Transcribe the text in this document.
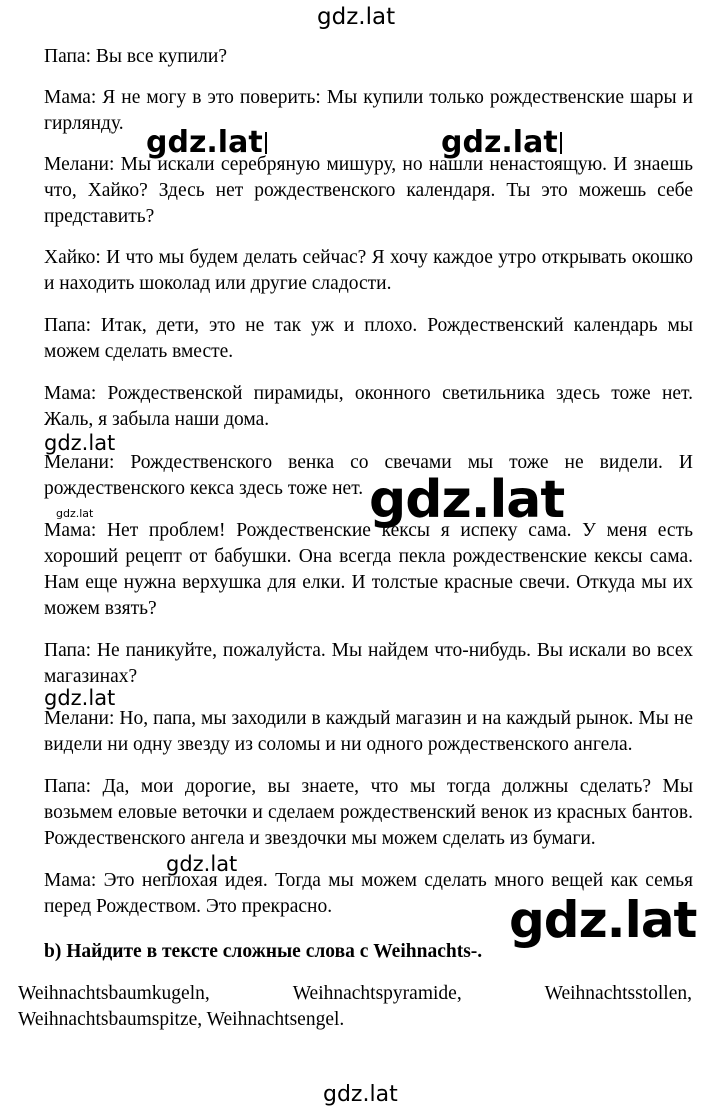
Папа: Вы все купили?

Мама: Я не могу в это поверить: Мы купили только рождественские шары и гирлянду.

Мелани: Мы искали серебряную мишуру, но нашли ненастоящую. И знаешь что, Хайко? Здесь нет рождественского календаря. Ты это можешь себе представить?

Хайко: И что мы будем делать сейчас? Я хочу каждое утро открывать окошко и находить шоколад или другие сладости.

Папа: Итак, дети, это не так уж и плохо. Рождественский календарь мы можем сделать вместе.

Мама: Рождественской пирамиды, оконного светильника здесь тоже нет. Жаль, я забыла наши дома.

Мелани: Рождественского венка со свечами мы тоже не видели. И рождественского кекса здесь тоже нет.

Мама: Нет проблем! Рождественские кексы я испеку сама. У меня есть хороший рецепт от бабушки. Она всегда пекла рождественские кексы сама. Нам еще нужна верхушка для елки. И толстые красные свечи. Откуда мы их можем взять?

Папа: Не паникуйте, пожалуйста. Мы найдем что-нибудь. Вы искали во всех магазинах?

Мелани: Но, папа, мы заходили в каждый магазин и на каждый рынок. Мы не видели ни одну звезду из соломы и ни одного рождественского ангела.

Папа: Да, мои дорогие, вы знаете, что мы тогда должны сделать? Мы возьмем еловые веточки и сделаем рождественский венок из красных бантов. Рождественского ангела и звездочки мы можем сделать из бумаги.

Мама: Это неплохая идея. Тогда мы можем сделать много вещей как семья перед Рождеством. Это прекрасно.

b) Найдите в тексте сложные слова с Weihnachts-.

Weihnachtsbaumkugeln,	Weihnachtspyramide,	Weihnachtsstollen,
Weihnachtsbaumspitze, Weihnachtsengel.
gdz.lat
gdz.lat	gdz.lat
gdz.lat
gdz.lat
gdz.lat
gdz.lat
gdz.lat
gdz.lat
gdz.lat
